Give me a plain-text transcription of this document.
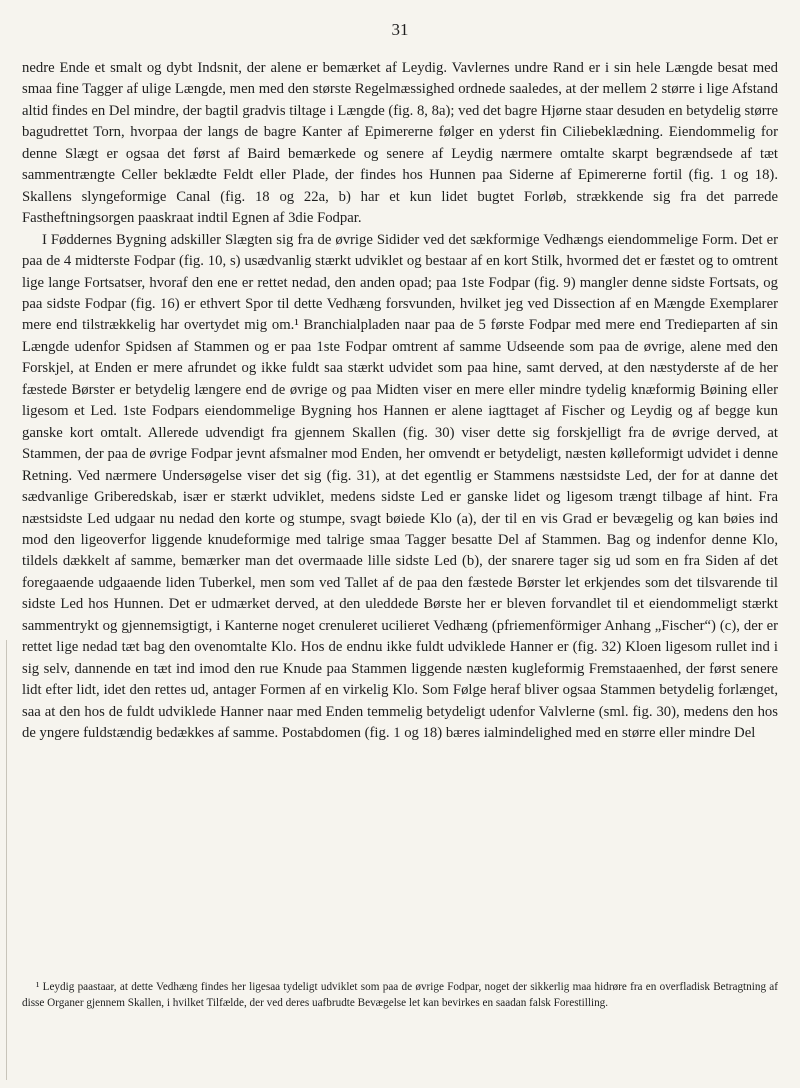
31

nedre Ende et smalt og dybt Indsnit, der alene er bemærket af Leydig. Vavlernes undre Rand er i sin hele Længde besat med smaa fine Tagger af ulige Længde, men med den største Regelmæssighed ordnede saaledes, at der mellem 2 større i lige Afstand altid findes en Del mindre, der bagtil gradvis tiltage i Længde (fig. 8, 8a); ved det bagre Hjørne staar desuden en betydelig større bagudrettet Torn, hvorpaa der langs de bagre Kanter af Epimererne følger en yderst fin Ciliebeklædning. Eiendommelig for denne Slægt er ogsaa det først af Baird bemærkede og senere af Leydig nærmere omtalte skarpt begrændsede af tæt sammentrængte Celler beklædte Feldt eller Plade, der findes hos Hunnen paa Siderne af Epimererne fortil (fig. 1 og 18). Skallens slyngeformige Canal (fig. 18 og 22a, b) har et kun lidet bugtet Forløb, strækkende sig fra det parrede Fastheftningsorgen paaskraat indtil Egnen af 3die Fodpar.

I Føddernes Bygning adskiller Slægten sig fra de øvrige Sidider ved det sækformige Vedhængs eiendommelige Form. Det er paa de 4 midterste Fodpar (fig. 10, s) usædvanlig stærkt udviklet og bestaar af en kort Stilk, hvormed det er fæstet og to omtrent lige lange Fortsatser, hvoraf den ene er rettet nedad, den anden opad; paa 1ste Fodpar (fig. 9) mangler denne sidste Fortsats, og paa sidste Fodpar (fig. 16) er ethvert Spor til dette Vedhæng forsvunden, hvilket jeg ved Dissection af en Mængde Exemplarer mere end tilstrækkelig har overtydet mig om.¹ Branchialpladen naar paa de 5 første Fodpar med mere end Tredieparten af sin Længde udenfor Spidsen af Stammen og er paa 1ste Fodpar omtrent af samme Udseende som paa de øvrige, alene med den Forskjel, at Enden er mere afrundet og ikke fuldt saa stærkt udvidet som paa hine, samt derved, at den næstyderste af de her fæstede Børster er betydelig længere end de øvrige og paa Midten viser en mere eller mindre tydelig knæformig Bøining eller ligesom et Led. 1ste Fodpars eiendommelige Bygning hos Hannen er alene iagttaget af Fischer og Leydig og af begge kun ganske kort omtalt. Allerede udvendigt fra gjennem Skallen (fig. 30) viser dette sig forskjelligt fra de øvrige derved, at Stammen, der paa de øvrige Fodpar jevnt afsmalner mod Enden, her omvendt er betydeligt, næsten kølleformigt udvidet i denne Retning. Ved nærmere Undersøgelse viser det sig (fig. 31), at det egentlig er Stammens næstsidste Led, der for at danne det sædvanlige Griberedskab, især er stærkt udviklet, medens sidste Led er ganske lidet og ligesom trængt tilbage af hint. Fra næstsidste Led udgaar nu nedad den korte og stumpe, svagt bøiede Klo (a), der til en vis Grad er bevægelig og kan bøies ind mod den ligeoverfor liggende knudeformige med talrige smaa Tagger besatte Del af Stammen. Bag og indenfor denne Klo, tildels dækkelt af samme, bemærker man det overmaade lille sidste Led (b), der snarere tager sig ud som en fra Siden af det foregaaende udgaaende liden Tuberkel, men som ved Tallet af de paa den fæstede Børster let erkjendes som det tilsvarende til sidste Led hos Hunnen. Det er udmærket derved, at den uleddede Børste her er bleven forvandlet til et eiendommeligt stærkt sammentrykt og gjennemsigtigt, i Kanterne noget crenuleret ucilieret Vedhæng (pfriemenförmiger Anhang „Fischer“) (c), der er rettet lige nedad tæt bag den ovenomtalte Klo. Hos de endnu ikke fuldt udviklede Hanner er (fig. 32) Kloen ligesom rullet ind i sig selv, dannende en tæt ind imod den rue Knude paa Stammen liggende næsten kugleformig Fremstaaenhed, der først senere lidt efter lidt, idet den rettes ud, antager Formen af en virkelig Klo. Som Følge heraf bliver ogsaa Stammen betydelig forlænget, saa at den hos de fuldt udviklede Hanner naar med Enden temmelig betydeligt udenfor Valvlerne (sml. fig. 30), medens den hos de yngere fuldstændig bedækkes af samme. Postabdomen (fig. 1 og 18) bæres ialmindelighed med en større eller mindre Del

¹ Leydig paastaar, at dette Vedhæng findes her ligesaa tydeligt udviklet som paa de øvrige Fodpar, noget der sikkerlig maa hidrøre fra en overfladisk Betragtning af disse Organer gjennem Skallen, i hvilket Tilfælde, der ved deres uafbrudte Bevægelse let kan bevirkes en saadan falsk Forestilling.
